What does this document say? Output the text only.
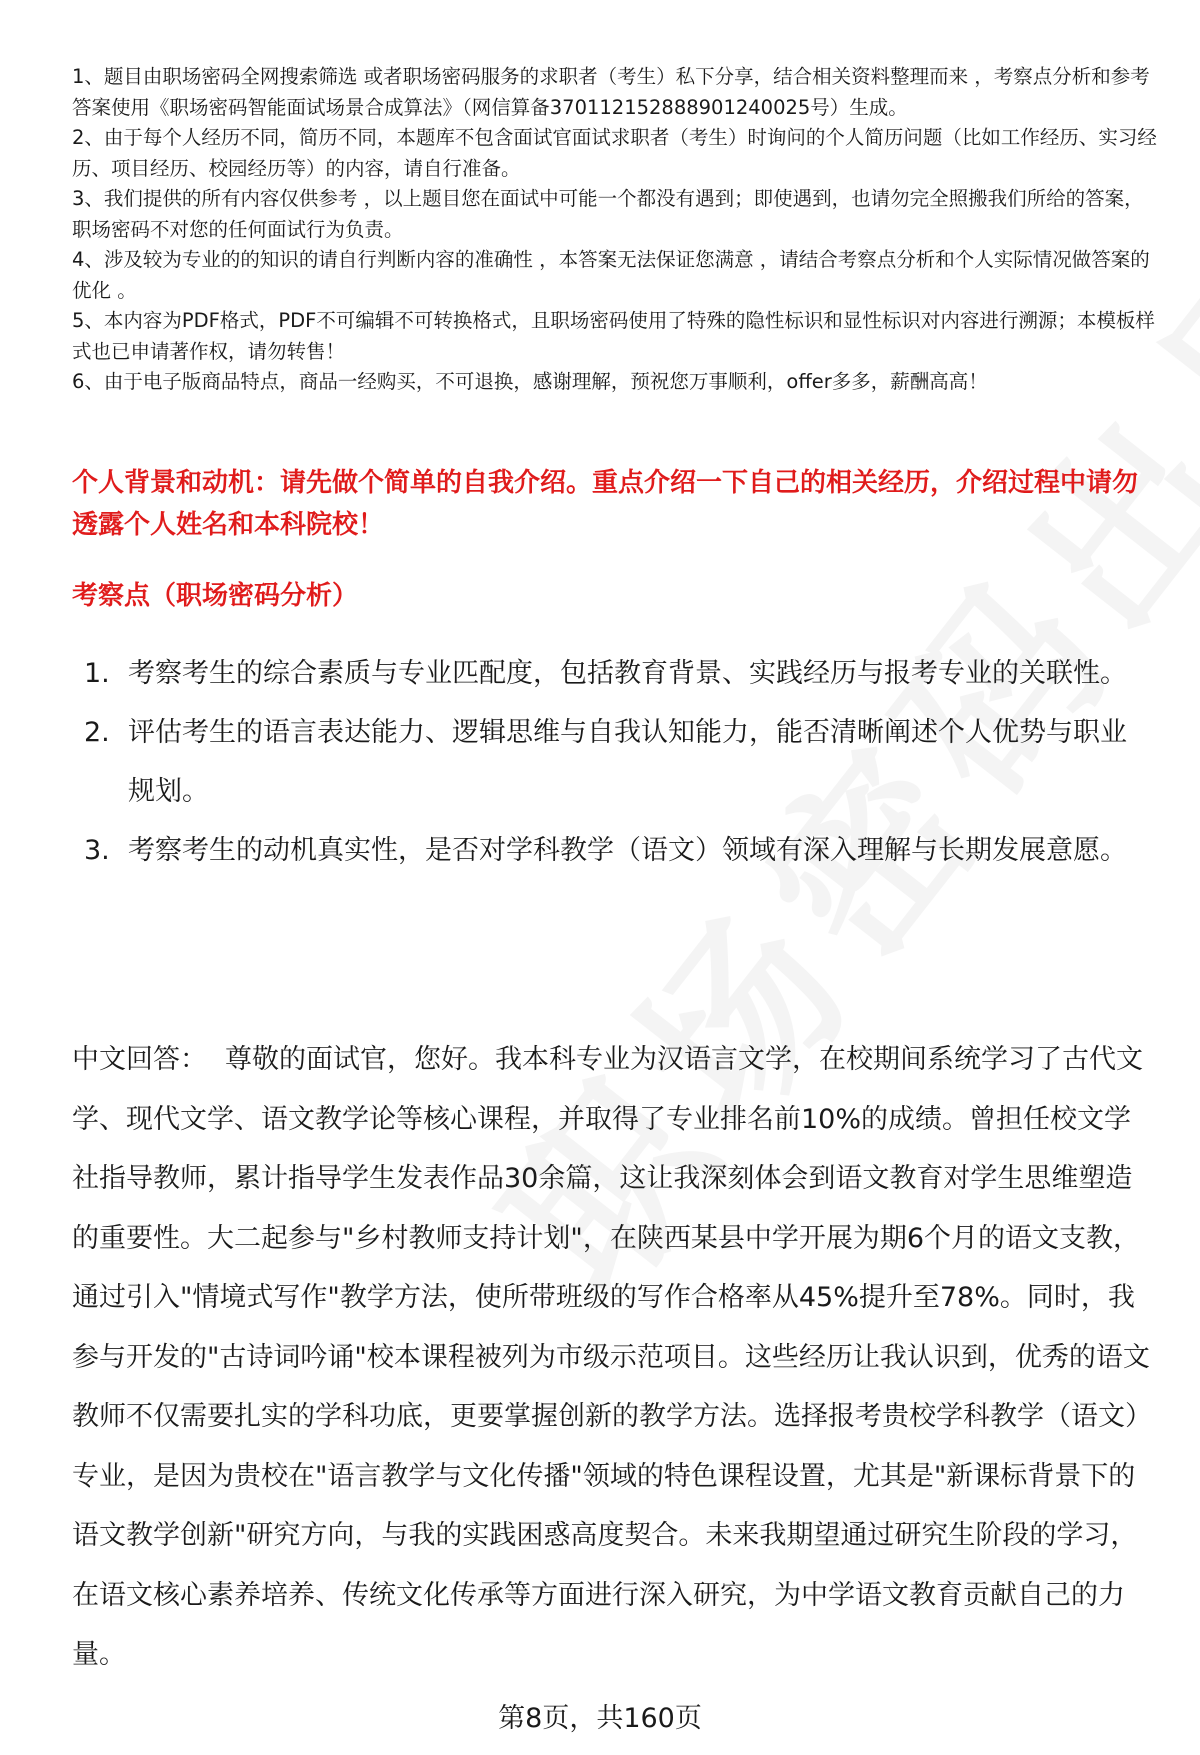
1、题目由职场密码全网搜索筛选 或者职场密码服务的求职者（考生）私下分享，结合相关资料整理而来 ，考察点分析和参考答案使用《职场密码智能面试场景合成算法》（网信算备370112152888901240025号）生成。

2、由于每个人经历不同，简历不同，本题库不包含面试官面试求职者（考生）时询问的个人简历问题（比如工作经历、实习经历、项目经历、校园经历等）的内容，请自行准备。

3、我们提供的所有内容仅供参考 ，以上题目您在面试中可能一个都没有遇到；即使遇到，也请勿完全照搬我们所给的答案，职场密码不对您的任何面试行为负责。

4、涉及较为专业的的知识的请自行判断内容的准确性 ，本答案无法保证您满意 ，请结合考察点分析和个人实际情况做答案的优化 。

5、本内容为PDF格式，PDF不可编辑不可转换格式，且职场密码使用了特殊的隐性标识和显性标识对内容进行溯源；本模板样式也已申请著作权，请勿转售！

6、由于电子版商品特点，商品一经购买，不可退换，感谢理解，预祝您万事顺利，offer多多，薪酬高高！

个人背景和动机：请先做个简单的自我介绍。重点介绍一下自己的相关经历，介绍过程中请勿透露个人姓名和本科院校！
考察点（职场密码分析）
1. 考察考生的综合素质与专业匹配度，包括教育背景、实践经历与报考专业的关联性。
2. 评估考生的语言表达能力、逻辑思维与自我认知能力，能否清晰阐述个人优势与职业规划。
3. 考察考生的动机真实性，是否对学科教学（语文）领域有深入理解与长期发展意愿。

中文回答： 尊敬的面试官，您好。我本科专业为汉语言文学，在校期间系统学习了古代文学、现代文学、语文教学论等核心课程，并取得了专业排名前10%的成绩。曾担任校文学社指导教师，累计指导学生发表作品30余篇，这让我深刻体会到语文教育对学生思维塑造的重要性。大二起参与"乡村教师支持计划"，在陕西某县中学开展为期6个月的语文支教，通过引入"情境式写作"教学方法，使所带班级的写作合格率从45%提升至78%。同时，我参与开发的"古诗词吟诵"校本课程被列为市级示范项目。这些经历让我认识到，优秀的语文教师不仅需要扎实的学科功底，更要掌握创新的教学方法。选择报考贵校学科教学（语文）专业，是因为贵校在"语言教学与文化传播"领域的特色课程设置，尤其是"新课标背景下的语文教学创新"研究方向，与我的实践困惑高度契合。未来我期望通过研究生阶段的学习，在语文核心素养培养、传统文化传承等方面进行深入研究，为中学语文教育贡献自己的力量。

第8页，共160页
